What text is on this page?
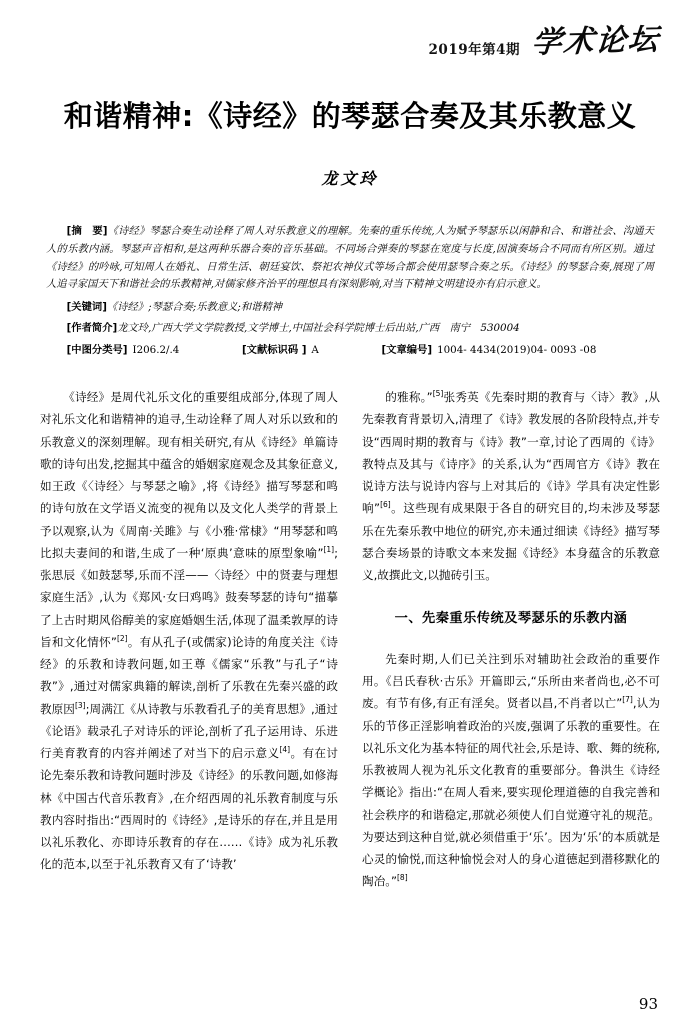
2019年第4期 学术论坛
和谐精神:《诗经》的琴瑟合奏及其乐教意义
龙文玲
[摘　要]《诗经》琴瑟合奏生动诠释了周人对乐教意义的理解。先秦的重乐传统,人为赋予琴瑟乐以闲静和合、和谐社会、沟通天人的乐教内涵。琴瑟声音相和,是这两种乐器合奏的音乐基础。不同场合弹奏的琴瑟在宽度与长度,因演奏场合不同而有所区别。通过《诗经》的吟咏,可知周人在婚礼、日常生活、朝廷宴饮、祭祀农神仪式等场合都会使用瑟琴合奏之乐。《诗经》的琴瑟合奏,展现了周人追寻家国天下和谐社会的乐教精神,对儒家修齐治平的理想具有深刻影响,对当下精神文明建设亦有启示意义。
[关键词]《诗经》;琴瑟合奏;乐教意义;和谐精神
[作者简介]龙文玲,广西大学文学院教授,文学博士,中国社会科学院博士后出站,广西　南宁　530004
[中图分类号] I206.2/.4	[文献标识码 ] A	[文章编号] 1004- 4434(2019)04- 0093 -08

《诗经》是周代礼乐文化的重要组成部分,体现了周人对礼乐文化和谐精神的追寻,生动诠释了周人对乐以致和的乐教意义的深刻理解。现有相关研究,有从《诗经》单篇诗歌的诗句出发,挖掘其中蕴含的婚姻家庭观念及其象征意义,如王政《〈诗经〉与琴瑟之喻》,将《诗经》描写琴瑟和鸣的诗句放在文学语义流变的视角以及文化人类学的背景上予以观察,认为《周南·关雎》与《小雅·常棣》“用琴瑟和鸣比拟夫妻间的和谐,生成了一种‘原典’意味的原型象喻”[1];张思辰《如鼓瑟琴,乐而不淫——〈诗经〉中的贤妻与理想家庭生活》,认为《郑风·女曰鸡鸣》鼓奏琴瑟的诗句“描摹了上古时期风俗醇美的家庭婚姻生活,体现了温柔敦厚的诗旨和文化情怀”[2]。有从孔子(或儒家)论诗的角度关注《诗经》的乐教和诗教问题,如王尊《儒家“乐教”与孔子“诗教”》,通过对儒家典籍的解读,剖析了乐教在先秦兴盛的政教原因[3];周满江《从诗教与乐教看孔子的美育思想》,通过《论语》载录孔子对诗乐的评论,剖析了孔子运用诗、乐进行美育教育的内容并阐述了对当下的启示意义[4]。有在讨论先秦乐教和诗教问题时涉及《诗经》的乐教问题,如修海林《中国古代音乐教育》,在介绍西周的礼乐教育制度与乐教内容时指出:“西周时的《诗经》,是诗乐的存在,并且是用以礼乐教化、亦即诗乐教育的存在……《诗》成为礼乐教化的范本,以至于礼乐教育又有了‘诗教’

的雅称。”[5]张秀英《先秦时期的教育与〈诗〉教》,从先秦教育背景切入,清理了《诗》教发展的各阶段特点,并专设“西周时期的教育与《诗》教”一章,讨论了西周的《诗》教特点及其与《诗序》的关系,认为“西周官方《诗》教在说诗方法与说诗内容与上对其后的《诗》学具有决定性影响”[6]。这些现有成果限于各自的研究目的,均未涉及琴瑟乐在先秦乐教中地位的研究,亦未通过细读《诗经》描写琴瑟合奏场景的诗歌文本来发掘《诗经》本身蕴含的乐教意义,故撰此文,以抛砖引玉。

一、先秦重乐传统及琴瑟乐的乐教内涵

先秦时期,人们已关注到乐对辅助社会政治的重要作用。《吕氏春秋·古乐》开篇即云,“乐所由来者尚也,必不可废。有节有侈,有正有淫矣。贤者以昌,不肖者以亡”[7],认为乐的节侈正淫影响着政治的兴废,强调了乐教的重要性。在以礼乐文化为基本特征的周代社会,乐是诗、歌、舞的统称,乐教被周人视为礼乐文化教育的重要部分。鲁洪生《诗经学概论》指出:“在周人看来,要实现伦理道德的自我完善和社会秩序的和谐稳定,那就必须使人们自觉遵守礼的规范。为要达到这种自觉,就必须借重于‘乐’。因为‘乐’的本质就是心灵的愉悦,而这种愉悦会对人的身心道德起到潜移默化的陶冶。”[8]

93
